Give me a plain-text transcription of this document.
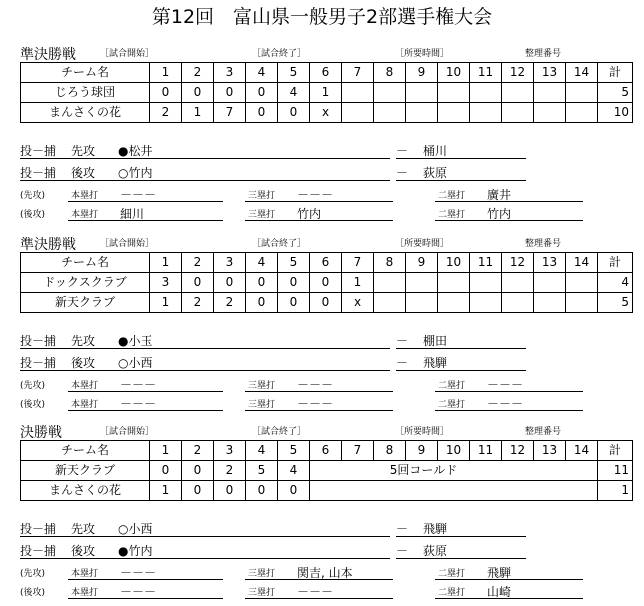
第12回　富山県一般男子2部選手権大会
準決勝戦	［試合開始］	［試合終了］	［所要時間］	整理番号
チーム名	1	2	3	4	5	6	7	8	9	10	11	12	13	14	計
じろう球団	0	0	0	0	4	1									5
まんさくの花	2	1	7	0	0	x									10
投－捕 先攻 ●松井	－ 桶川
投－捕 後攻 ○竹内	－ 荻原
(先攻)	本塁打 －－－	三塁打 －－－	二塁打 廣井
(後攻)	本塁打 細川	三塁打 竹内	二塁打 竹内
準決勝戦	［試合開始］	［試合終了］	［所要時間］	整理番号
チーム名	1	2	3	4	5	6	7	8	9	10	11	12	13	14	計
ドックスクラブ	3	0	0	0	0	0	1								4
新天クラブ	1	2	2	0	0	0	x								5
投－捕 先攻 ●小玉	－ 棚田
投－捕 後攻 ○小西	－ 飛騨
(先攻)	本塁打 －－－	三塁打 －－－	二塁打 －－－
(後攻)	本塁打 －－－	三塁打 －－－	二塁打 －－－
決勝戦	［試合開始］	［試合終了］	［所要時間］	整理番号
チーム名	1	2	3	4	5	6	7	8	9	10	11	12	13	14	計
新天クラブ	0	0	2	5	4	5回コールド									11
まんさくの花	1	0	0	0	0										1
投－捕 先攻 ○小西	－ 飛騨
投－捕 後攻 ●竹内	－ 荻原
(先攻)	本塁打 －－－	三塁打 関吉, 山本	二塁打 飛騨
(後攻)	本塁打 －－－	三塁打 －－－	二塁打 山崎
